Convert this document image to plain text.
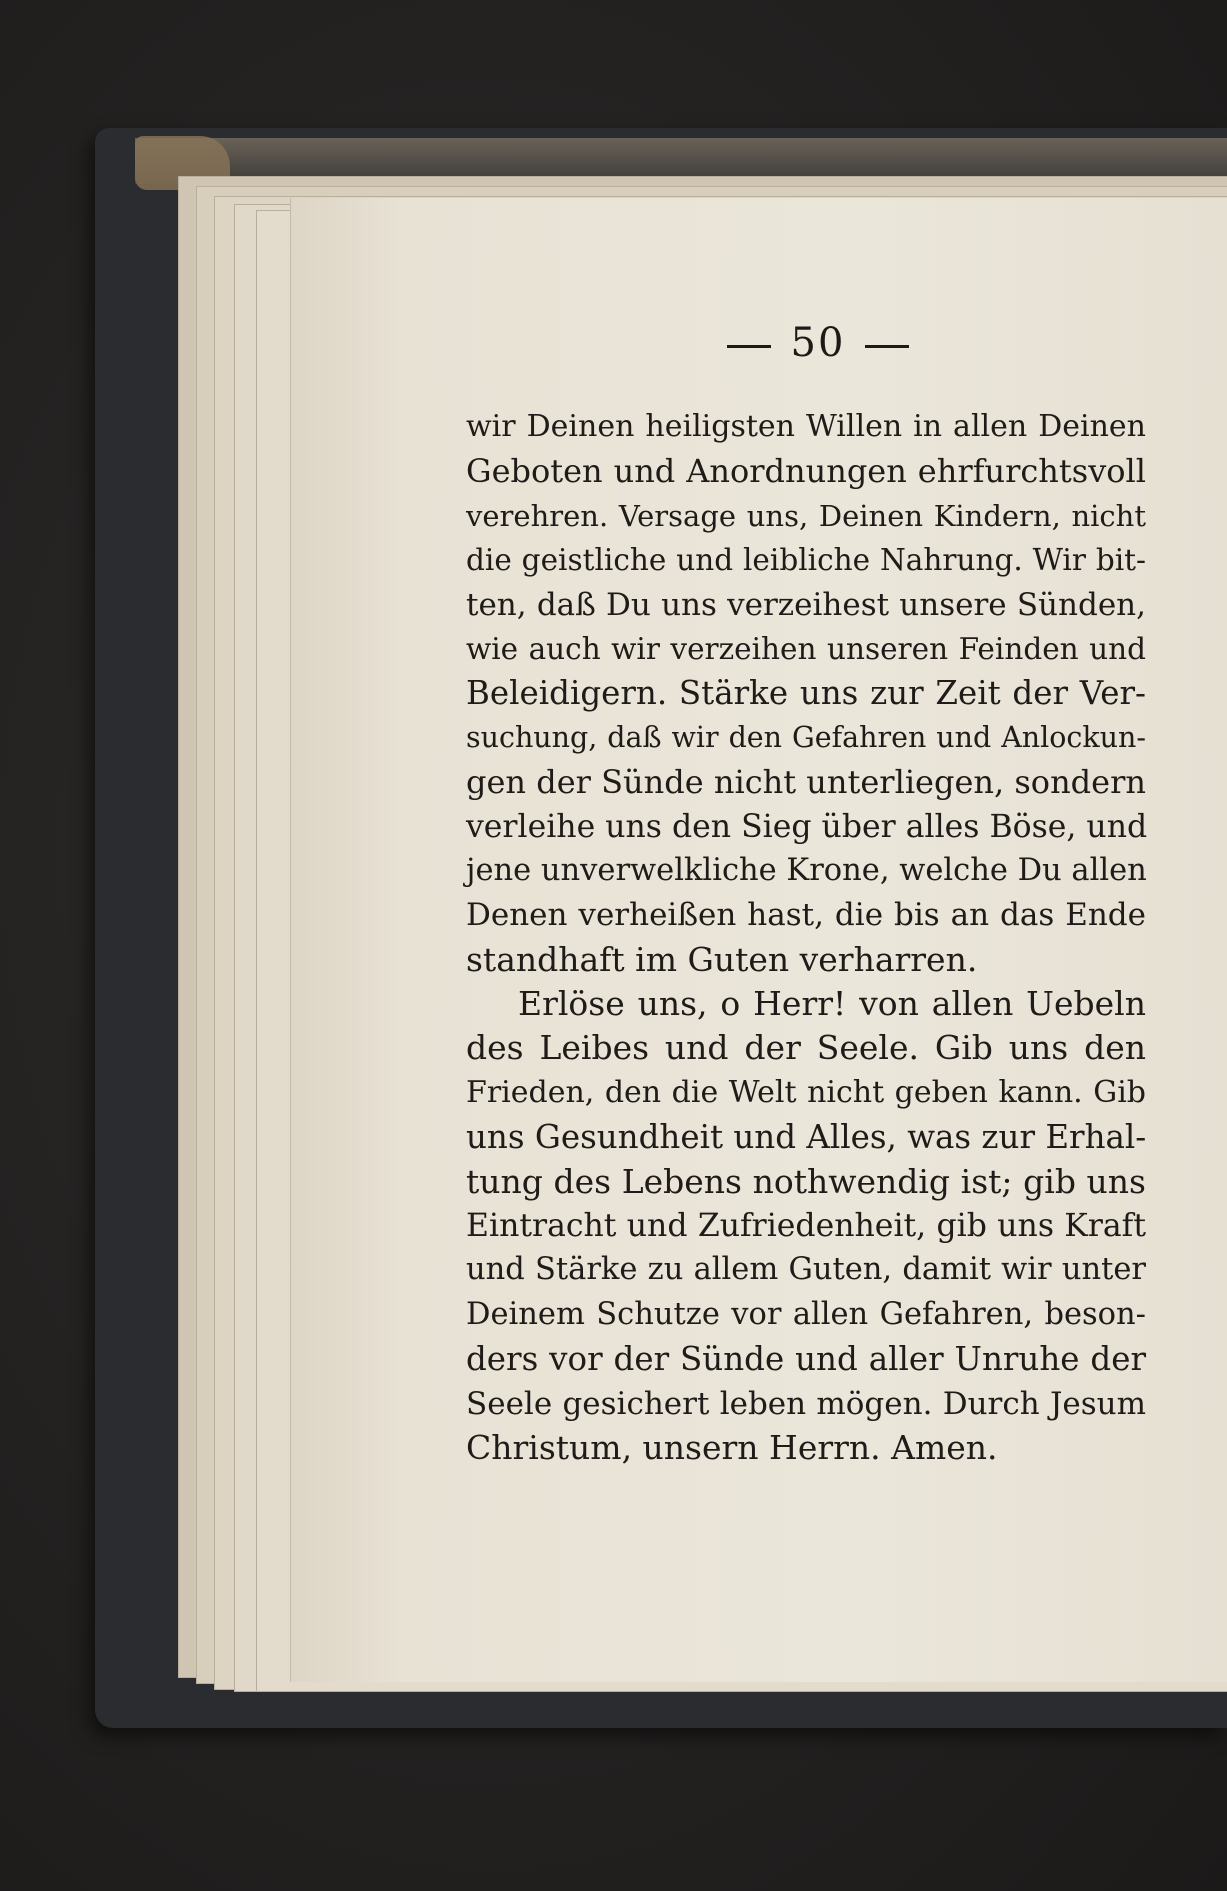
50
wir Deinen heiligsten Willen in allen Deinen
Geboten und Anordnungen ehrfurchtsvoll
verehren. Versage uns, Deinen Kindern, nicht
die geistliche und leibliche Nahrung. Wir bit-
ten, daß Du uns verzeihest unsere Sünden,
wie auch wir verzeihen unseren Feinden und
Beleidigern. Stärke uns zur Zeit der Ver-
suchung, daß wir den Gefahren und Anlockun-
gen der Sünde nicht unterliegen, sondern
verleihe uns den Sieg über alles Böse, und
jene unverwelkliche Krone, welche Du allen
Denen verheißen hast, die bis an das Ende
standhaft im Guten verharren.
Erlöse uns, o Herr! von allen Uebeln
des Leibes und der Seele. Gib uns den
Frieden, den die Welt nicht geben kann. Gib
uns Gesundheit und Alles, was zur Erhal-
tung des Lebens nothwendig ist; gib uns
Eintracht und Zufriedenheit, gib uns Kraft
und Stärke zu allem Guten, damit wir unter
Deinem Schutze vor allen Gefahren, beson-
ders vor der Sünde und aller Unruhe der
Seele gesichert leben mögen. Durch Jesum
Christum, unsern Herrn. Amen.
